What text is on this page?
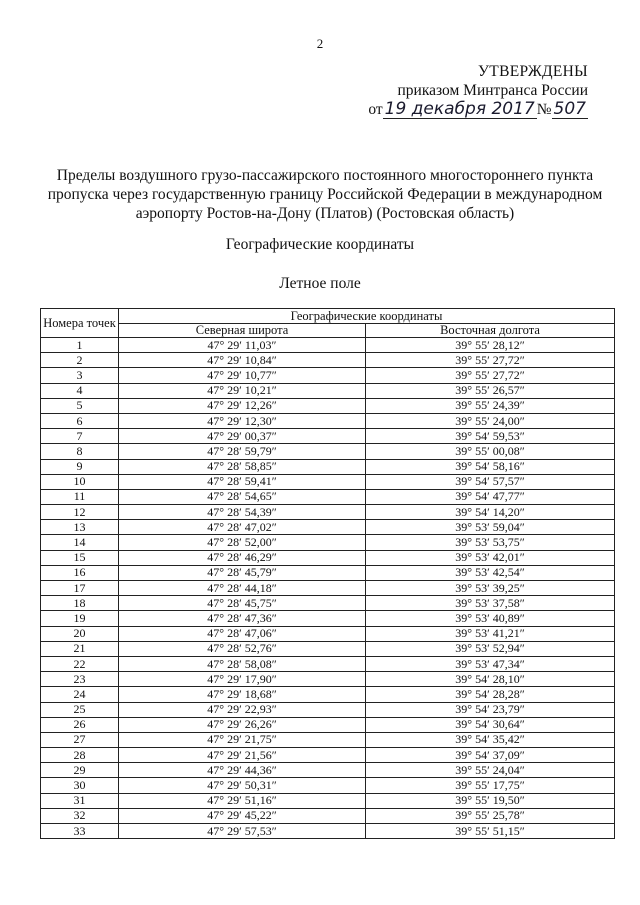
2
УТВЕРЖДЕНЫ
приказом Минтранса России
от 19 декабря 2017 № 507
Пределы воздушного грузо-пассажирского постоянного многостороннего пункта пропуска через государственную границу Российской Федерации в международном аэропорту Ростов-на-Дону (Платов) (Ростовская область)
Географические координаты
Летное поле
Номера точек	Географические координаты	
	Северная широта	Восточная долгота
1	47° 29′ 11,03″	39° 55′ 28,12″
2	47° 29′ 10,84″	39° 55′ 27,72″
3	47° 29′ 10,77″	39° 55′ 27,72″
4	47° 29′ 10,21″	39° 55′ 26,57″
5	47° 29′ 12,26″	39° 55′ 24,39″
6	47° 29′ 12,30″	39° 55′ 24,00″
7	47° 29′ 00,37″	39° 54′ 59,53″
8	47° 28′ 59,79″	39° 55′ 00,08″
9	47° 28′ 58,85″	39° 54′ 58,16″
10	47° 28′ 59,41″	39° 54′ 57,57″
11	47° 28′ 54,65″	39° 54′ 47,77″
12	47° 28′ 54,39″	39° 54′ 14,20″
13	47° 28′ 47,02″	39° 53′ 59,04″
14	47° 28′ 52,00″	39° 53′ 53,75″
15	47° 28′ 46,29″	39° 53′ 42,01″
16	47° 28′ 45,79″	39° 53′ 42,54″
17	47° 28′ 44,18″	39° 53′ 39,25″
18	47° 28′ 45,75″	39° 53′ 37,58″
19	47° 28′ 47,36″	39° 53′ 40,89″
20	47° 28′ 47,06″	39° 53′ 41,21″
21	47° 28′ 52,76″	39° 53′ 52,94″
22	47° 28′ 58,08″	39° 53′ 47,34″
23	47° 29′ 17,90″	39° 54′ 28,10″
24	47° 29′ 18,68″	39° 54′ 28,28″
25	47° 29′ 22,93″	39° 54′ 23,79″
26	47° 29′ 26,26″	39° 54′ 30,64″
27	47° 29′ 21,75″	39° 54′ 35,42″
28	47° 29′ 21,56″	39° 54′ 37,09″
29	47° 29′ 44,36″	39° 55′ 24,04″
30	47° 29′ 50,31″	39° 55′ 17,75″
31	47° 29′ 51,16″	39° 55′ 19,50″
32	47° 29′ 45,22″	39° 55′ 25,78″
33	47° 29′ 57,53″	39° 55′ 51,15″
